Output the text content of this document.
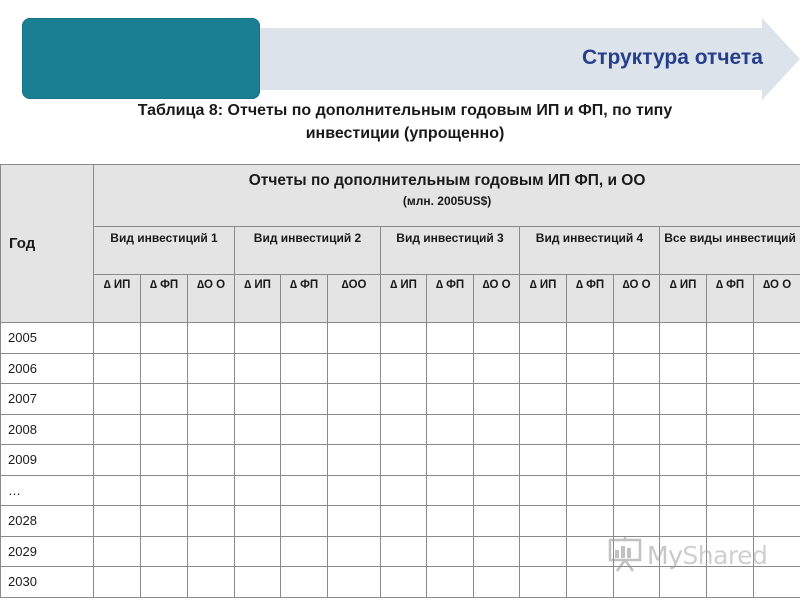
Структура отчета
Таблица 8: Отчеты по дополнительным годовым ИП и ФП, по типу
инвестиции (упрощенно)
Год	Отчеты по дополнительным годовым ИП ФП, и ОО
(млн. 2005US$)														

	Вид инвестиций 1			Вид инвестиций 2			Вид инвестиций 3			Вид инвестиций 4			Все виды инвестиций		
	∆ ИП	∆ ФП	∆О О	∆ ИП	∆ ФП	∆ОО	∆ ИП	∆ ФП	∆О О	∆ ИП	∆ ФП	∆О О	∆ ИП	∆ ФП	∆О О
2005															
2006															
2007															
2008															
2009															
…															
2028															
2029															
2030															
MyShared
